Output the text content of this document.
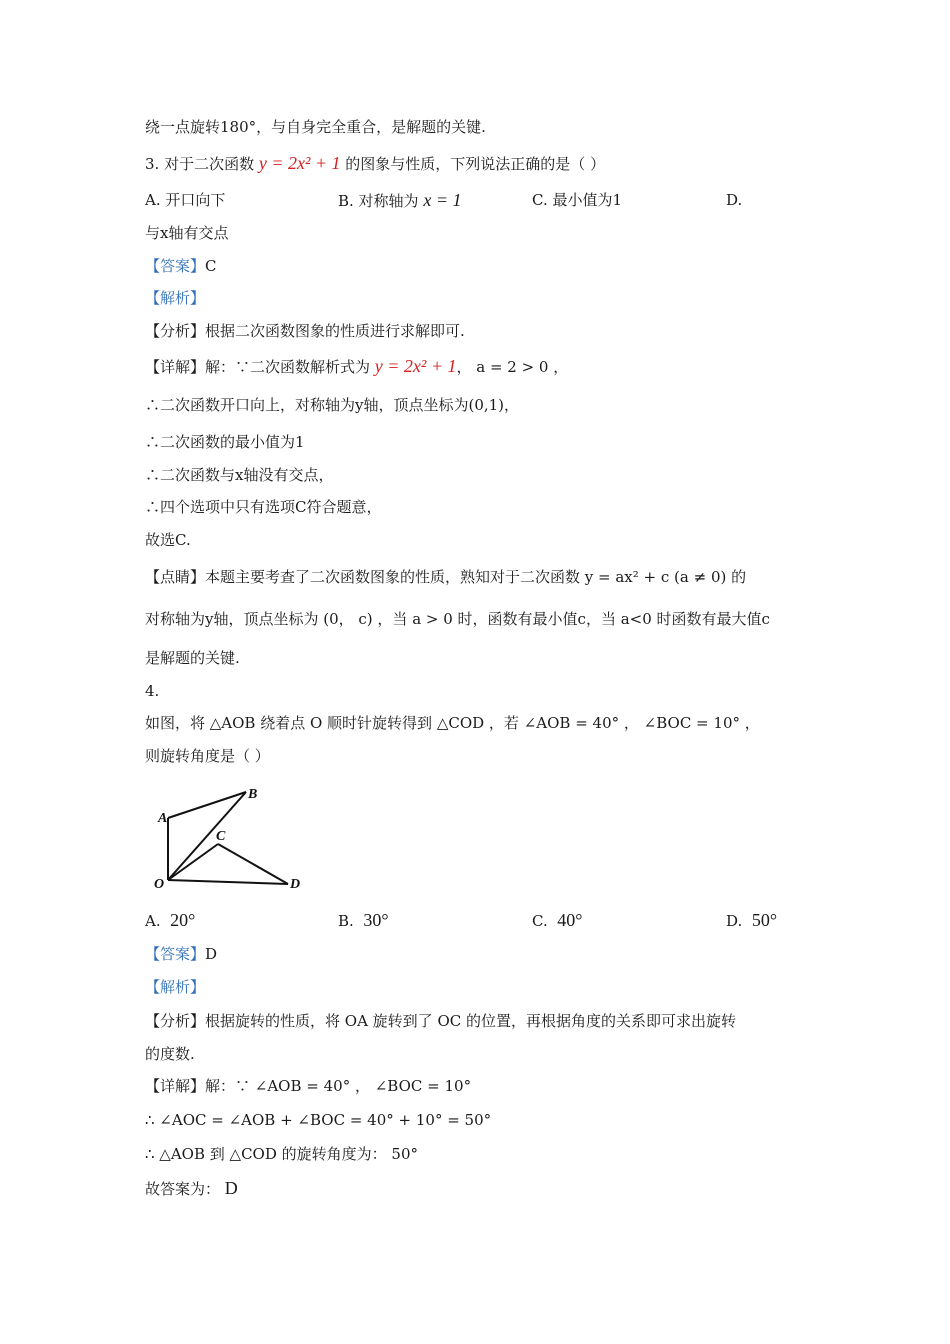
绕一点旋转180°，与自身完全重合，是解题的关键.
3. 对于二次函数 y = 2x² + 1 的图象与性质，下列说法正确的是（ ）
A. 开口向下	B. 对称轴为 x = 1	C. 最小值为1	D.
与x轴有交点
【答案】C
【解析】
【分析】根据二次函数图象的性质进行求解即可.
【详解】解：∵二次函数解析式为 y = 2x² + 1， a = 2 > 0 ，
∴二次函数开口向上，对称轴为y轴，顶点坐标为(0,1)，
∴二次函数的最小值为1
∴二次函数与x轴没有交点，
∴四个选项中只有选项C符合题意，
故选C.
【点睛】本题主要考查了二次函数图象的性质，熟知对于二次函数 y = ax² + c (a ≠ 0) 的
对称轴为y轴，顶点坐标为 (0， c) ，当 a > 0 时，函数有最小值c，当 a<0 时函数有最大值c
是解题的关键.
4.
如图，将 △AOB 绕着点 O 顺时针旋转得到 △COD ，若 ∠AOB = 40° ， ∠BOC = 10° ，
则旋转角度是（ ）
A
B
C
O	D
A. 20°	B. 30°	C. 40°	D. 50°
【答案】D
【解析】
【分析】根据旋转的性质，将 OA 旋转到了 OC 的位置，再根据角度的关系即可求出旋转
的度数.
【详解】解：∵ ∠AOB = 40° ， ∠BOC = 10°
∴ ∠AOC = ∠AOB + ∠BOC = 40° + 10° = 50°
∴ △AOB 到 △COD 的旋转角度为： 50°
故答案为： D
